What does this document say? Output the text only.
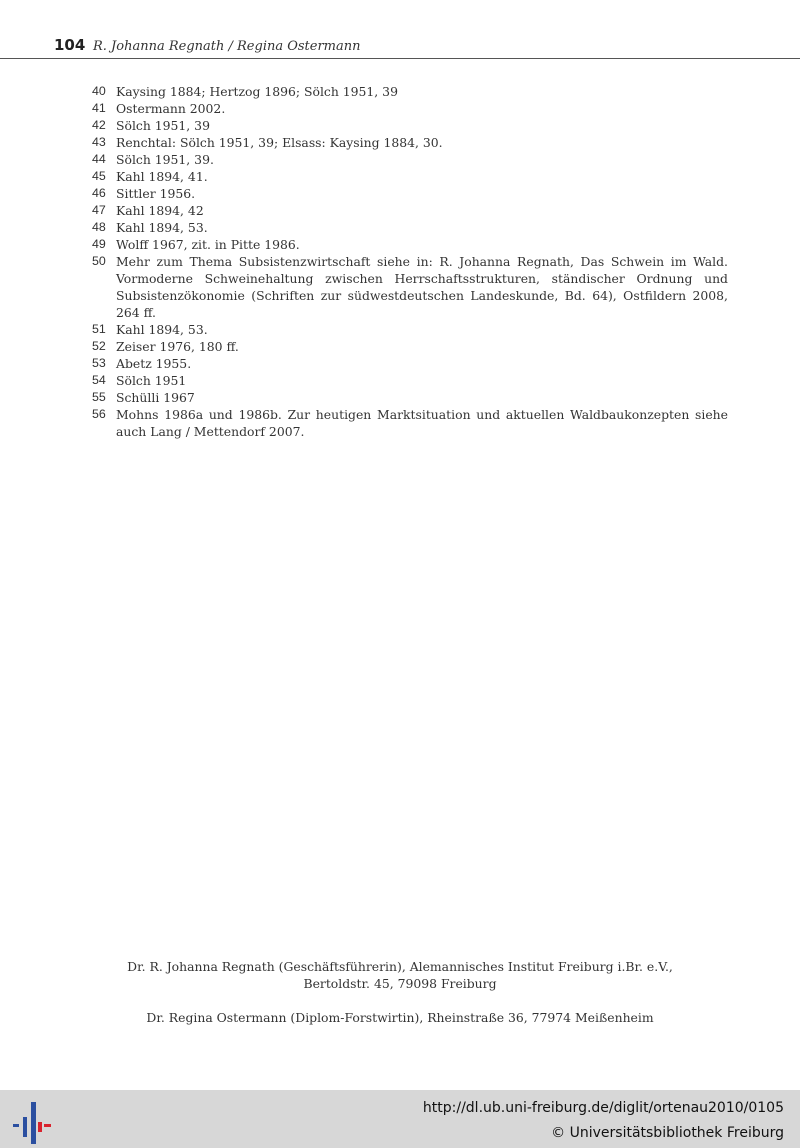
104 R. Johanna Regnath / Regina Ostermann
40 Kaysing 1884; Hertzog 1896; Sölch 1951, 39
41 Ostermann 2002.
42 Sölch 1951, 39
43 Renchtal: Sölch 1951, 39; Elsass: Kaysing 1884, 30.
44 Sölch 1951, 39.
45 Kahl 1894, 41.
46 Sittler 1956.
47 Kahl 1894, 42
48 Kahl 1894, 53.
49 Wolff 1967, zit. in Pitte 1986.
50 Mehr zum Thema Subsistenzwirtschaft siehe in: R. Johanna Regnath, Das Schwein im Wald. Vormoderne Schweinehaltung zwischen Herrschaftsstrukturen, ständischer Ordnung und Subsistenzökonomie (Schriften zur südwestdeutschen Landeskunde, Bd. 64), Ostfildern 2008, 264 ff.
51 Kahl 1894, 53.
52 Zeiser 1976, 180 ff.
53 Abetz 1955.
54 Sölch 1951
55 Schülli 1967
56 Mohns 1986a und 1986b. Zur heutigen Marktsituation und aktuellen Waldbaukonzepten siehe auch Lang / Mettendorf 2007.
Dr. R. Johanna Regnath (Geschäftsführerin), Alemannisches Institut Freiburg i.Br. e.V.,
Bertoldstr. 45, 79098 Freiburg
Dr. Regina Ostermann (Diplom-Forstwirtin), Rheinstraße 36, 77974 Meißenheim
http://dl.ub.uni-freiburg.de/diglit/ortenau2010/0105
© Universitätsbibliothek Freiburg
